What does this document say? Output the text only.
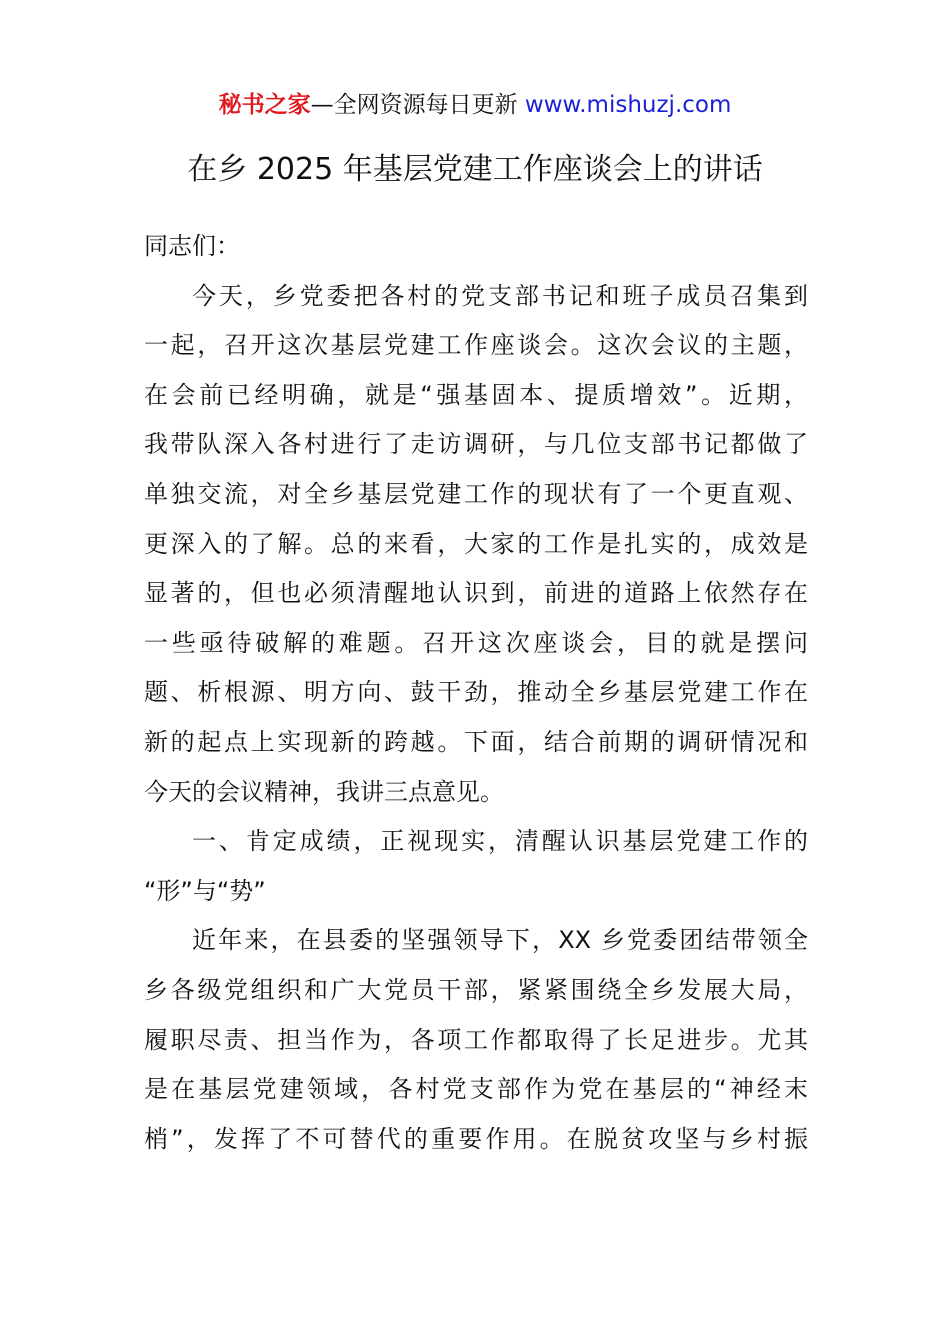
秘书之家—全网资源每日更新 www.mishuzj.com
在乡 2025 年基层党建工作座谈会上的讲话
同志们：
今天，乡党委把各村的党支部书记和班子成员召集到
一起，召开这次基层党建工作座谈会。这次会议的主题，
在会前已经明确，就是“强基固本、提质增效”。近期，
我带队深入各村进行了走访调研，与几位支部书记都做了
单独交流，对全乡基层党建工作的现状有了一个更直观、
更深入的了解。总的来看，大家的工作是扎实的，成效是
显著的，但也必须清醒地认识到，前进的道路上依然存在
一些亟待破解的难题。召开这次座谈会，目的就是摆问
题、析根源、明方向、鼓干劲，推动全乡基层党建工作在
新的起点上实现新的跨越。下面，结合前期的调研情况和
今天的会议精神，我讲三点意见。
一、肯定成绩，正视现实，清醒认识基层党建工作的
“形”与“势”
近年来，在县委的坚强领导下，XX 乡党委团结带领全
乡各级党组织和广大党员干部，紧紧围绕全乡发展大局，
履职尽责、担当作为，各项工作都取得了长足进步。尤其
是在基层党建领域，各村党支部作为党在基层的“神经末
梢”，发挥了不可替代的重要作用。在脱贫攻坚与乡村振
